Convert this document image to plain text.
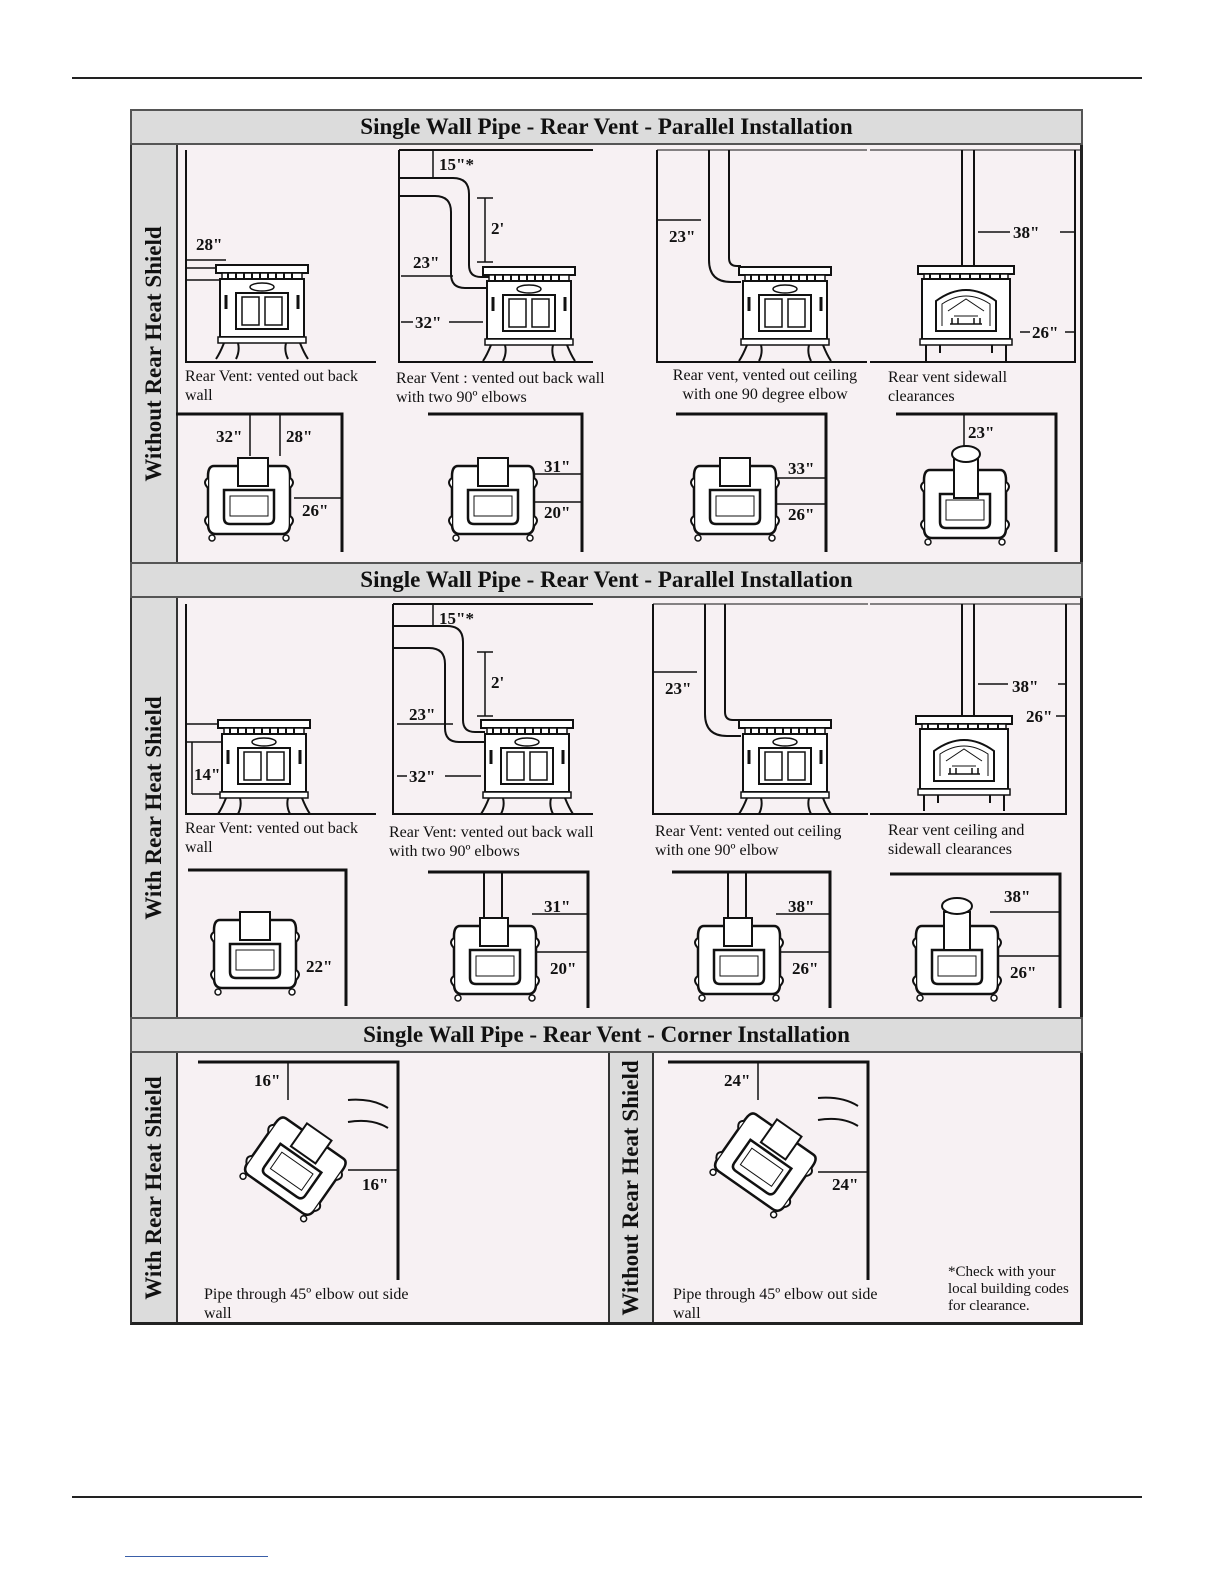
Single Wall Pipe - Rear Vent - Parallel Installation
Without Rear Heat Shield 28"
15"*
2'
23"
32"
23"	38"
26"
Rear Vent: vented out back wall
Rear Vent : vented out back wall with two 90º elbows
Rear vent, vented out ceiling with one 90 degree elbow
Rear vent sidewall clearances
32"	28"
26"
31"
20"
33"
26"
23"
Single Wall Pipe - Rear Vent - Parallel Installation
With Rear Heat Shield 14"
15"*
2'
23"
32"
23"	38"
26"
Rear Vent: vented out back wall
Rear Vent: vented out back wall with two 90º elbows
Rear Vent: vented out ceiling with one 90º elbow
Rear vent ceiling and sidewall clearances
22"
31"
20"
38"
26"
38"
26"
Single Wall Pipe - Rear Vent - Corner Installation
With Rear Heat Shield	Without Rear Heat Shield
16"
16"
Pipe through 45º elbow out side wall
24"
24"
Pipe through 45º elbow out side wall
*Check with your local building codes for clearance.
